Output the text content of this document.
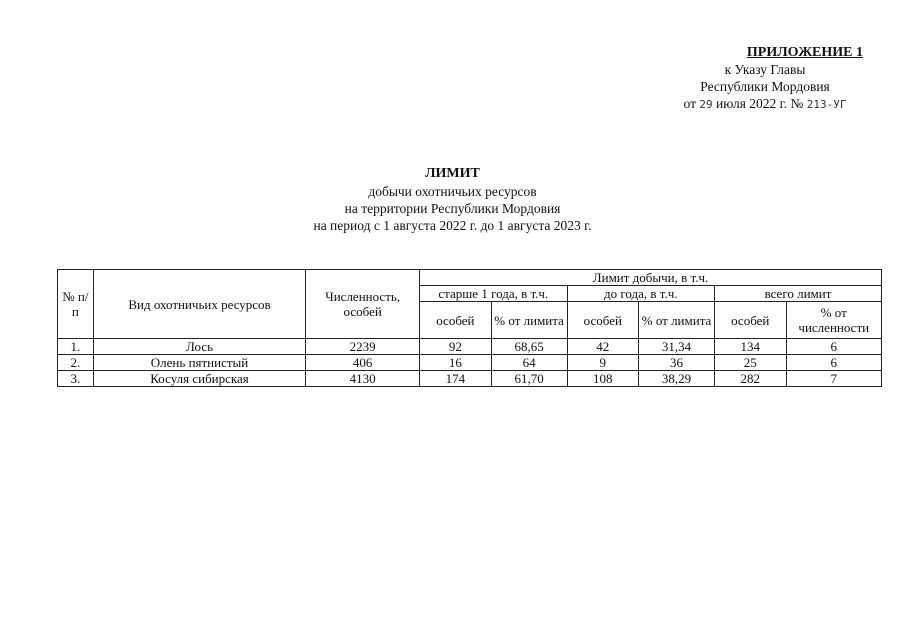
ПРИЛОЖЕНИЕ 1
к Указу Главы
Республики Мордовия
от 29 июля 2022 г. № 213-УГ
ЛИМИТ
добычи охотничьих ресурсов
на территории Республики Мордовия
на период с 1 августа 2022 г. до 1 августа 2023 г.
№ п/п	Вид охотничьих ресурсов	Численность, особей	Лимит добычи, в т.ч.					
			старше 1 года, в т.ч.		до года, в т.ч.		всего лимит	
			особей	% от лимита	особей	% от лимита	особей	% от численности
1.	Лось	2239	92	68,65	42	31,34	134	6
2.	Олень пятнистый	406	16	64	9	36	25	6
3.	Косуля сибирская	4130	174	61,70	108	38,29	282	7
